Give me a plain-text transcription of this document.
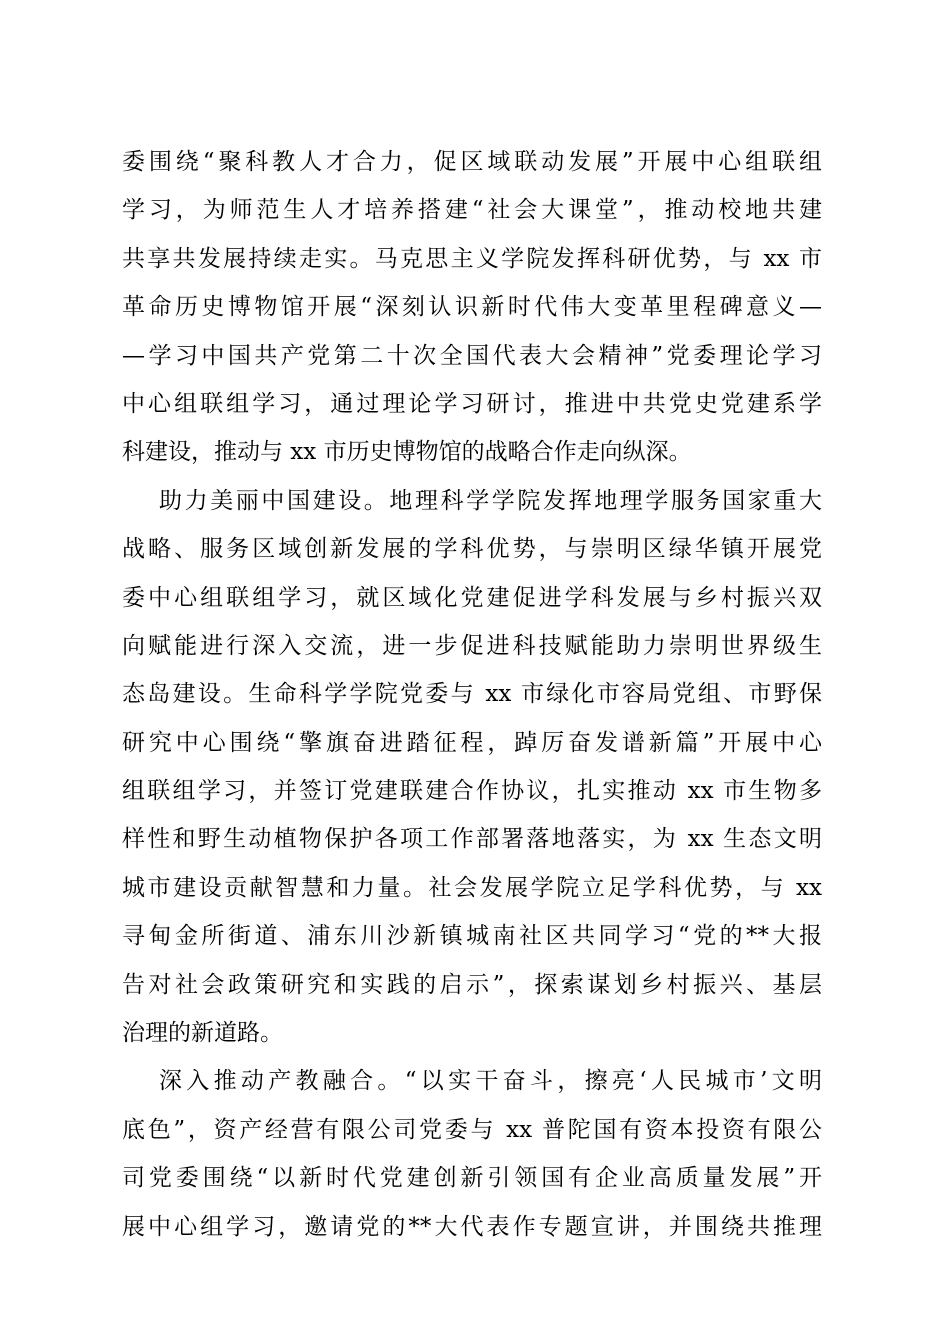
委围绕“聚科教人才合力，促区域联动发展”开展中心组联组
学习，为师范生人才培养搭建“社会大课堂”，推动校地共建
共享共发展持续走实。马克思主义学院发挥科研优势，与 xx 市
革命历史博物馆开展“深刻认识新时代伟大变革里程碑意义—
—学习中国共产党第二十次全国代表大会精神”党委理论学习
中心组联组学习，通过理论学习研讨，推进中共党史党建系学
科建设，推动与 xx 市历史博物馆的战略合作走向纵深。
助力美丽中国建设。地理科学学院发挥地理学服务国家重大
战略、服务区域创新发展的学科优势，与崇明区绿华镇开展党
委中心组联组学习，就区域化党建促进学科发展与乡村振兴双
向赋能进行深入交流，进一步促进科技赋能助力崇明世界级生
态岛建设。生命科学学院党委与 xx 市绿化市容局党组、市野保
研究中心围绕“擎旗奋进踏征程，踔厉奋发谱新篇”开展中心
组联组学习，并签订党建联建合作协议，扎实推动 xx 市生物多
样性和野生动植物保护各项工作部署落地落实，为 xx 生态文明
城市建设贡献智慧和力量。社会发展学院立足学科优势，与 xx
寻甸金所街道、浦东川沙新镇城南社区共同学习“党的**大报
告对社会政策研究和实践的启示”，探索谋划乡村振兴、基层
治理的新道路。
深入推动产教融合。“以实干奋斗，擦亮‘人民城市’文明
底色”，资产经营有限公司党委与 xx 普陀国有资本投资有限公
司党委围绕“以新时代党建创新引领国有企业高质量发展”开
展中心组学习，邀请党的**大代表作专题宣讲，并围绕共推理
